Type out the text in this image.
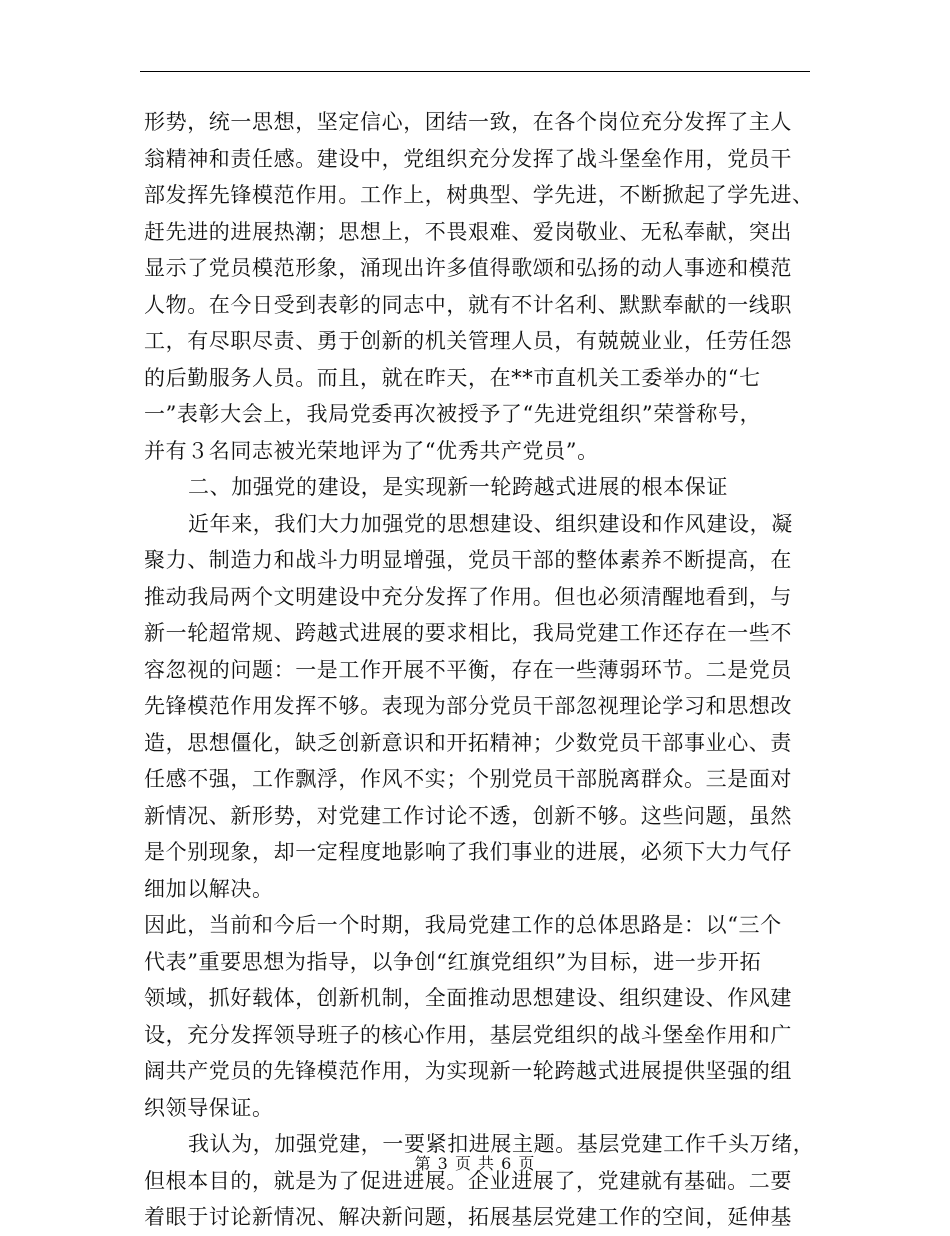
形势，统一思想，坚定信心，团结一致，在各个岗位充分发挥了主人
翁精神和责任感。建设中，党组织充分发挥了战斗堡垒作用，党员干
部发挥先锋模范作用。工作上，树典型、学先进，不断掀起了学先进、
赶先进的进展热潮；思想上，不畏艰难、爱岗敬业、无私奉献，突出
显示了党员模范形象，涌现出许多值得歌颂和弘扬的动人事迹和模范
人物。在今日受到表彰的同志中，就有不计名利、默默奉献的一线职
工，有尽职尽责、勇于创新的机关管理人员，有兢兢业业，任劳任怨
的后勤服务人员。而且，就在昨天，在**市直机关工委举办的“七
一”表彰大会上，我局党委再次被授予了“先进党组织”荣誉称号，
并有３名同志被光荣地评为了“优秀共产党员”。
二、加强党的建设，是实现新一轮跨越式进展的根本保证
近年来，我们大力加强党的思想建设、组织建设和作风建设，凝
聚力、制造力和战斗力明显增强，党员干部的整体素养不断提高，在
推动我局两个文明建设中充分发挥了作用。但也必须清醒地看到，与
新一轮超常规、跨越式进展的要求相比，我局党建工作还存在一些不
容忽视的问题：一是工作开展不平衡，存在一些薄弱环节。二是党员
先锋模范作用发挥不够。表现为部分党员干部忽视理论学习和思想改
造，思想僵化，缺乏创新意识和开拓精神；少数党员干部事业心、责
任感不强，工作飘浮，作风不实；个别党员干部脱离群众。三是面对
新情况、新形势，对党建工作讨论不透，创新不够。这些问题，虽然
是个别现象，却一定程度地影响了我们事业的进展，必须下大力气仔
细加以解决。
因此，当前和今后一个时期，我局党建工作的总体思路是：以“三个
代表”重要思想为指导，以争创“红旗党组织”为目标，进一步开拓
领域，抓好载体，创新机制，全面推动思想建设、组织建设、作风建
设，充分发挥领导班子的核心作用，基层党组织的战斗堡垒作用和广
阔共产党员的先锋模范作用，为实现新一轮跨越式进展提供坚强的组
织领导保证。
我认为，加强党建，一要紧扣进展主题。基层党建工作千头万绪，
但根本目的，就是为了促进进展。企业进展了，党建就有基础。二要
着眼于讨论新情况、解决新问题，拓展基层党建工作的空间，延伸基
第 3 页 共 6 页
